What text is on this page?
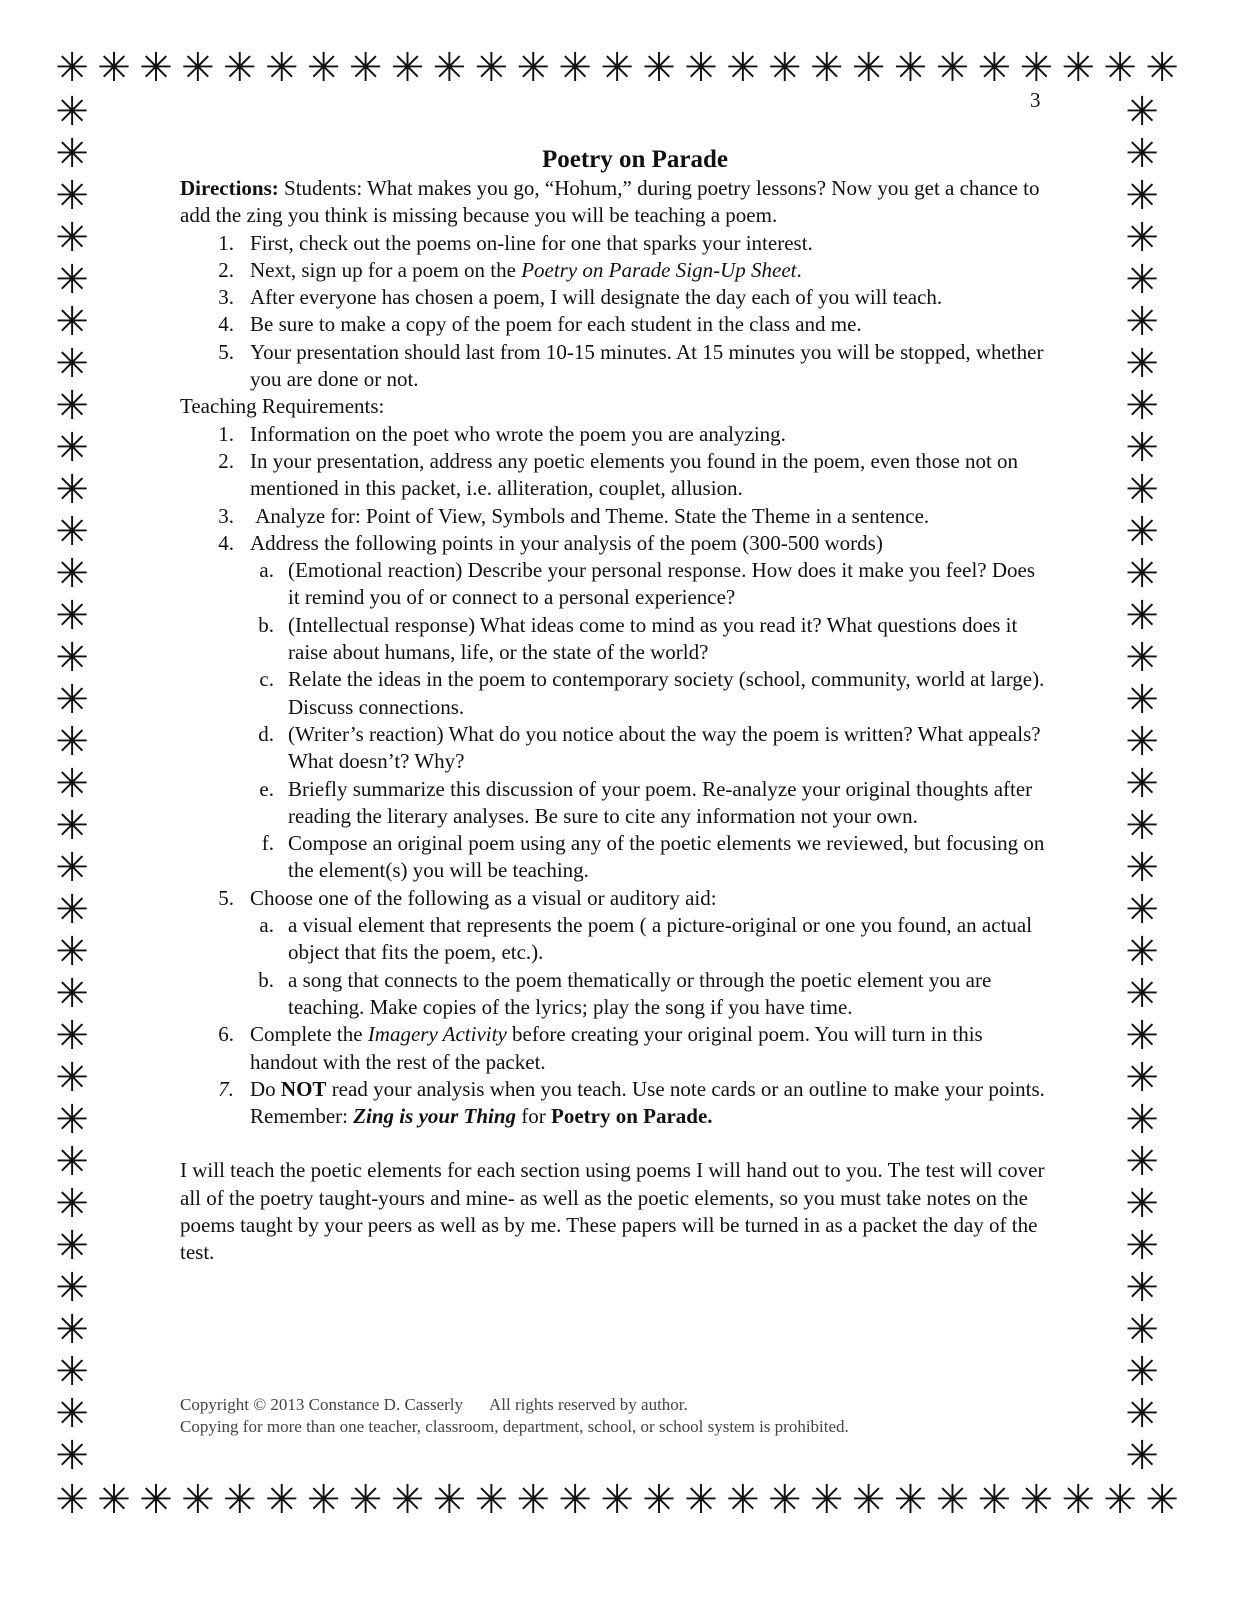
✳ ✳ ✳ ✳ ✳ ✳ ✳ ✳ ✳ ✳ ✳ ✳ ✳ ✳ ✳ ✳ ✳ ✳ ✳ ✳ ✳ ✳ ✳ ✳ ✳ ✳ ✳
✳ ✳ ✳ ✳ ✳ ✳ ✳ ✳ ✳ ✳ ✳ ✳ ✳ ✳ ✳ ✳ ✳ ✳ ✳ ✳ ✳ ✳ ✳ ✳ ✳ ✳ ✳
✳
✳
✳
✳
✳
✳
✳
✳
✳
✳
✳
✳
✳
✳
✳
✳
✳
✳
✳
✳
✳
✳
✳
✳
✳
✳
✳
✳
✳
✳
✳
✳
✳
✳
✳
✳
✳
✳
✳
✳
✳
✳
✳
✳
✳
✳
✳
✳
✳
✳
✳
✳
✳
✳
✳
✳
✳
✳
✳
✳
✳
✳
✳
✳
✳
✳
3
Poetry on Parade

Directions: Students: What makes you go, “Hohum,” during poetry lessons? Now you get a chance to add the zing you think is missing because you will be teaching a poem.

1. First, check out the poems on-line for one that sparks your interest.
2. Next, sign up for a poem on the Poetry on Parade Sign-Up Sheet.
3. After everyone has chosen a poem, I will designate the day each of you will teach.
4. Be sure to make a copy of the poem for each student in the class and me.
5. Your presentation should last from 10-15 minutes. At 15 minutes you will be stopped, whether you are done or not.

Teaching Requirements:

1. Information on the poet who wrote the poem you are analyzing.
2. In your presentation, address any poetic elements you found in the poem, even those not on mentioned in this packet, i.e. alliteration, couplet, allusion.
3. Analyze for: Point of View, Symbols and Theme. State the Theme in a sentence.
4. Address the following points in your analysis of the poem (300-500 words)
a. (Emotional reaction) Describe your personal response. How does it make you feel? Does it remind you of or connect to a personal experience?
b. (Intellectual response) What ideas come to mind as you read it? What questions does it raise about humans, life, or the state of the world?
c. Relate the ideas in the poem to contemporary society (school, community, world at large). Discuss connections.
d. (Writer’s reaction) What do you notice about the way the poem is written? What appeals? What doesn’t? Why?
e. Briefly summarize this discussion of your poem. Re-analyze your original thoughts after reading the literary analyses. Be sure to cite any information not your own.
f. Compose an original poem using any of the poetic elements we reviewed, but focusing on the element(s) you will be teaching.
5. Choose one of the following as a visual or auditory aid:
a. a visual element that represents the poem ( a picture-original or one you found, an actual object that fits the poem, etc.).
b. a song that connects to the poem thematically or through the poetic element you are teaching. Make copies of the lyrics; play the song if you have time.
6. Complete the Imagery Activity before creating your original poem. You will turn in this handout with the rest of the packet.
7. Do NOT read your analysis when you teach. Use note cards or an outline to make your points. Remember: Zing is your Thing for Poetry on Parade.

I will teach the poetic elements for each section using poems I will hand out to you. The test will cover all of the poetry taught-yours and mine- as well as the poetic elements, so you must take notes on the poems taught by your peers as well as by me. These papers will be turned in as a packet the day of the test.

Copyright © 2013 Constance D. Casserly All rights reserved by author.
Copying for more than one teacher, classroom, department, school, or school system is prohibited.
